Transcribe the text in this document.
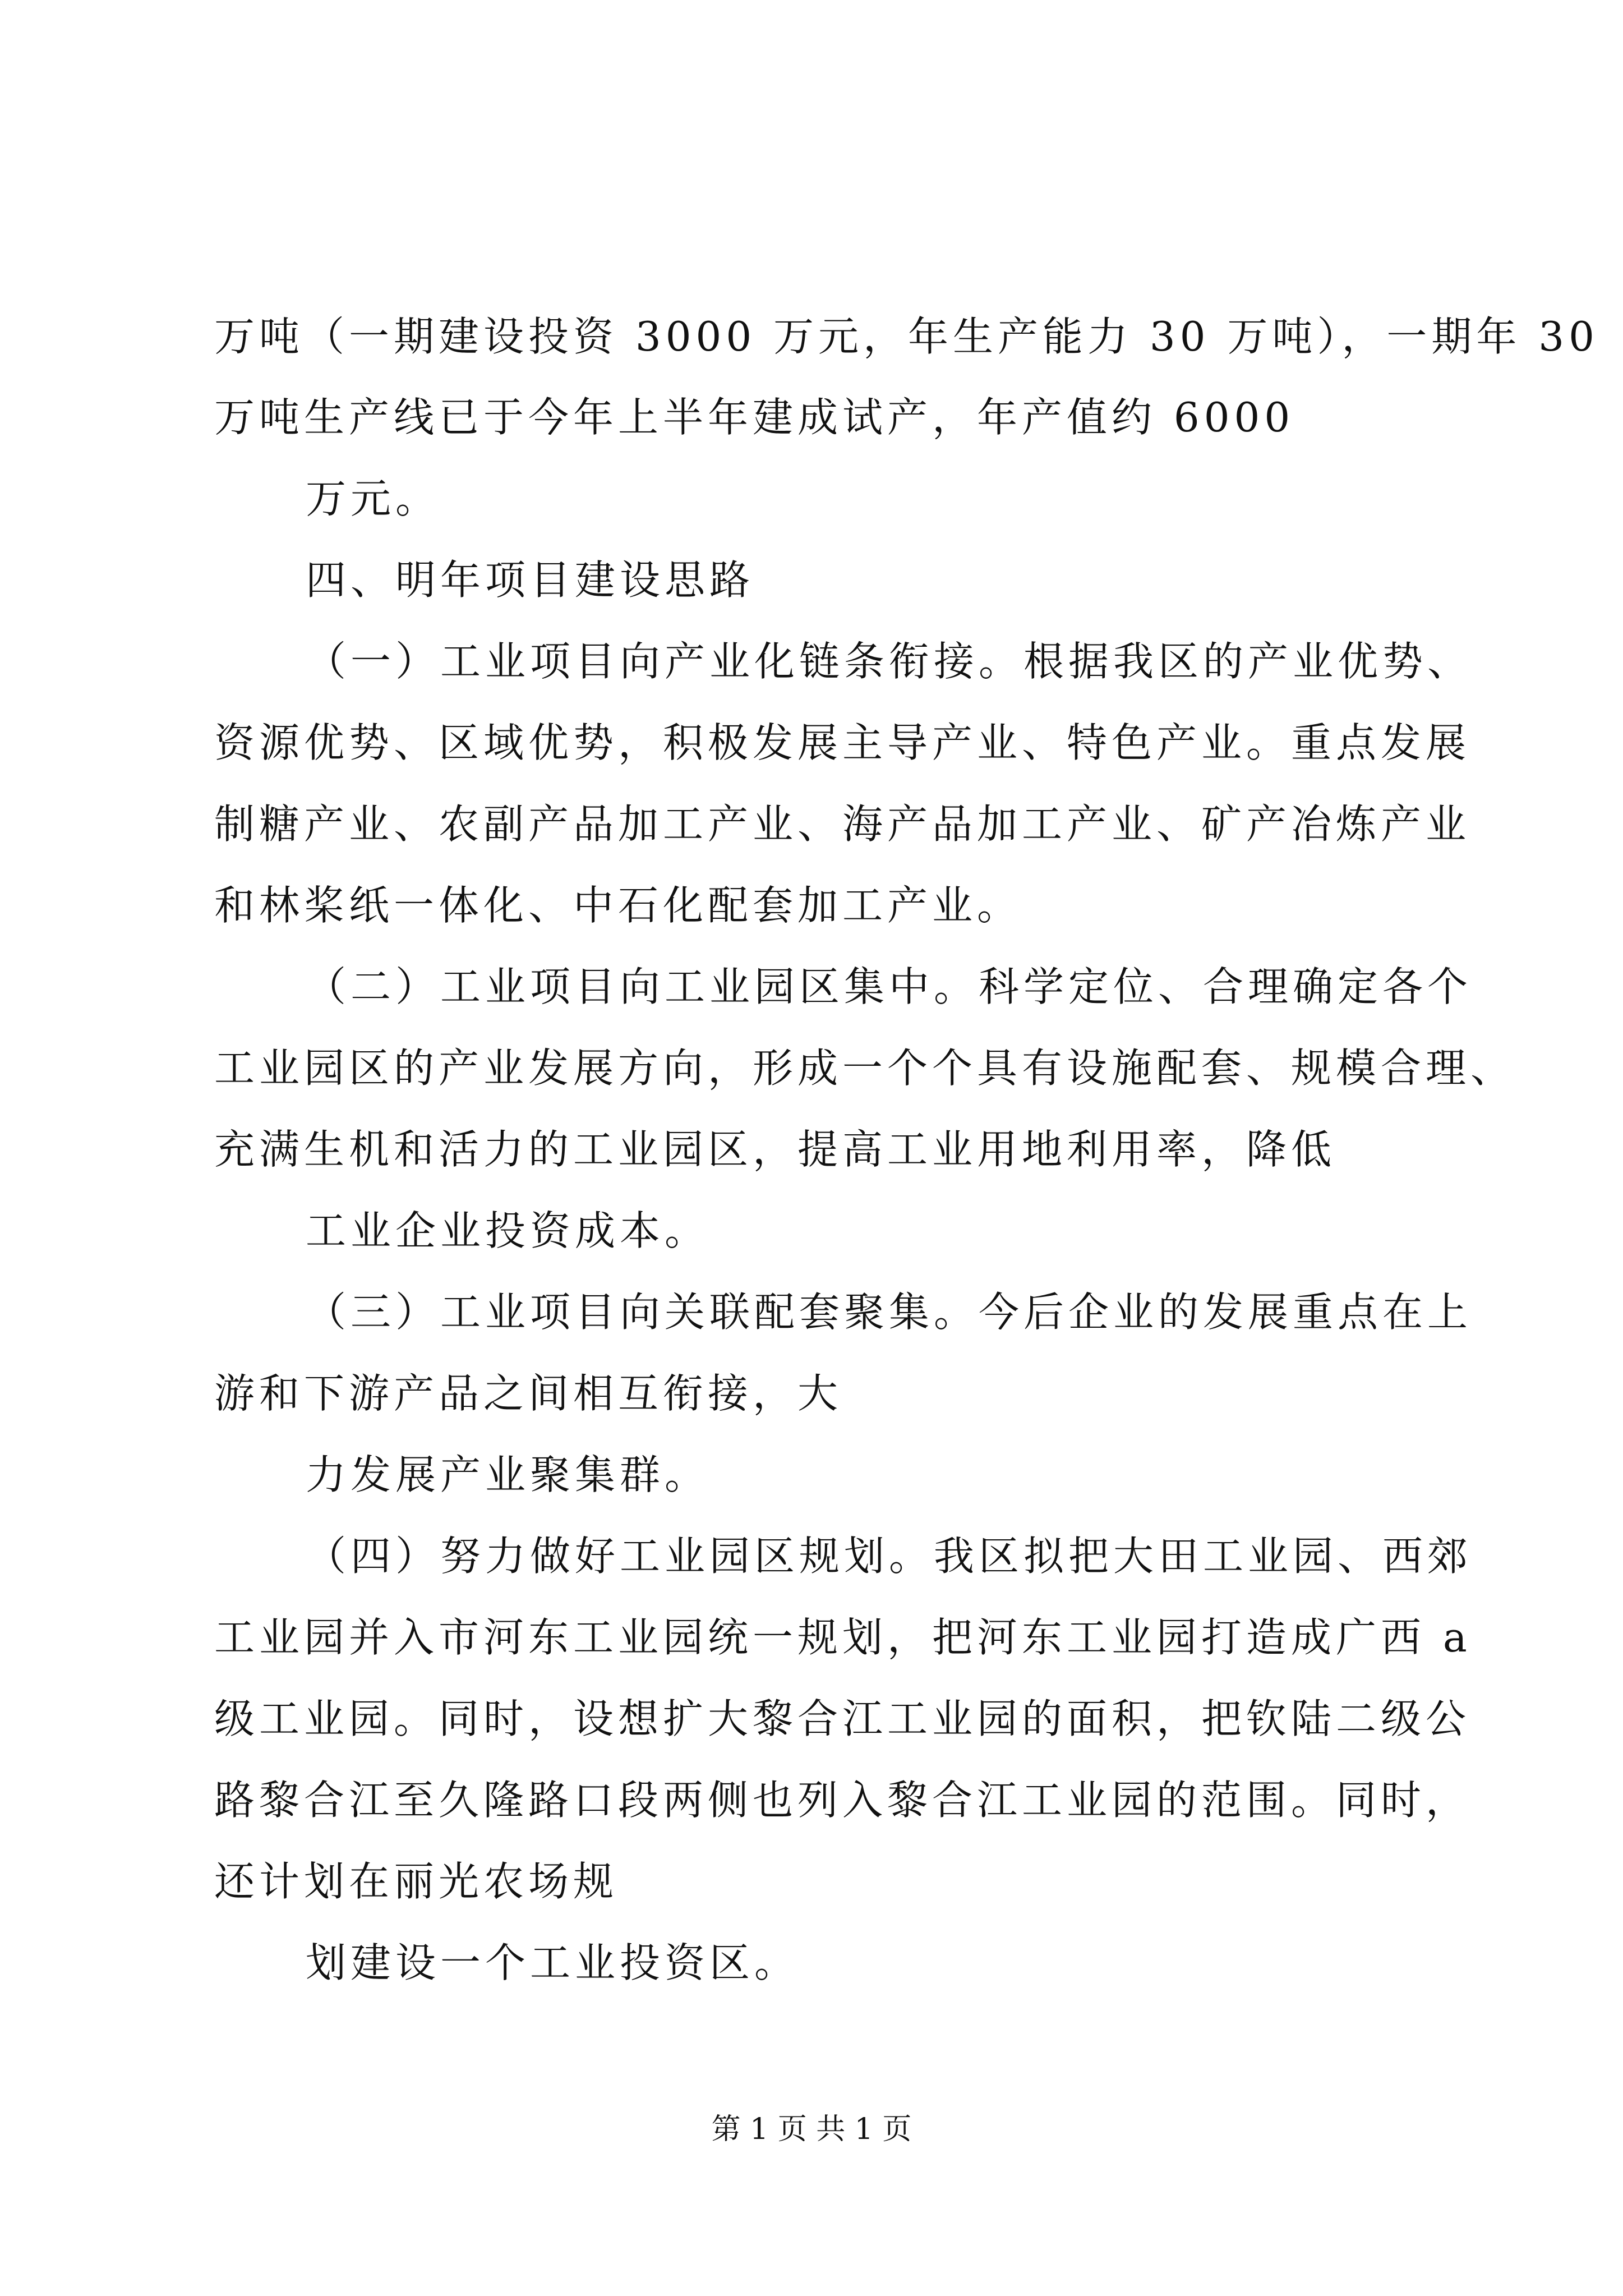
万吨（一期建设投资 3000 万元，年生产能力 30 万吨），一期年 30
万吨生产线已于今年上半年建成试产，年产值约 6000
万元。
四、明年项目建设思路
（一）工业项目向产业化链条衔接。根据我区的产业优势、
资源优势、区域优势，积极发展主导产业、特色产业。重点发展
制糖产业、农副产品加工产业、海产品加工产业、矿产冶炼产业
和林桨纸一体化、中石化配套加工产业。
（二）工业项目向工业园区集中。科学定位、合理确定各个
工业园区的产业发展方向，形成一个个具有设施配套、规模合理、
充满生机和活力的工业园区，提高工业用地利用率，降低
工业企业投资成本。
（三）工业项目向关联配套聚集。今后企业的发展重点在上
游和下游产品之间相互衔接，大
力发展产业聚集群。
（四）努力做好工业园区规划。我区拟把大田工业园、西郊
工业园并入市河东工业园统一规划，把河东工业园打造成广西 a
级工业园。同时，设想扩大黎合江工业园的面积，把钦陆二级公
路黎合江至久隆路口段两侧也列入黎合江工业园的范围。同时，
还计划在丽光农场规
划建设一个工业投资区。
第 1 页 共 1 页
